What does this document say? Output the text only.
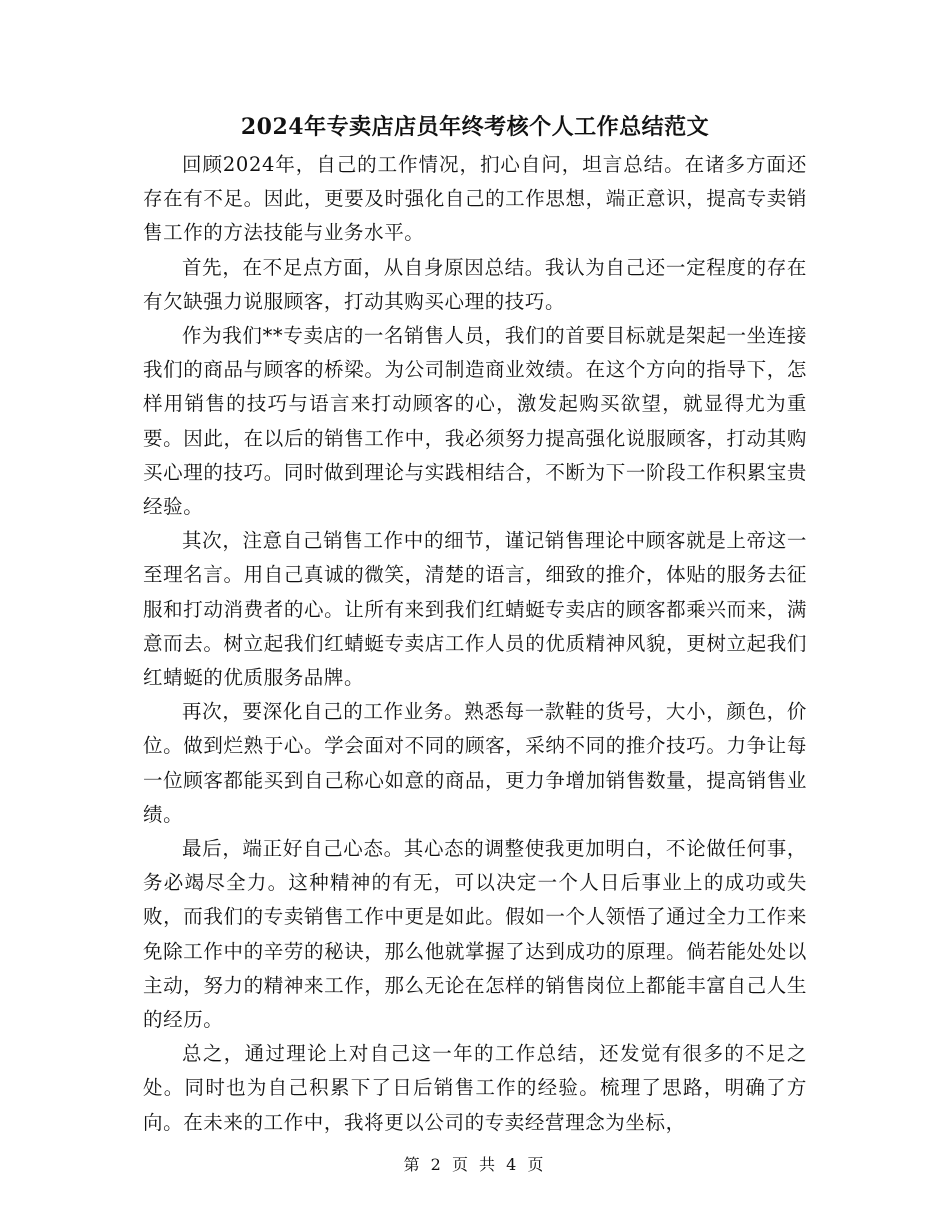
2024年专卖店店员年终考核个人工作总结范文

回顾2024年，自己的工作情况，扪心自问，坦言总结。在诸多方面还存在有不足。因此，更要及时强化自己的工作思想，端正意识，提高专卖销售工作的方法技能与业务水平。

首先，在不足点方面，从自身原因总结。我认为自己还一定程度的存在有欠缺强力说服顾客，打动其购买心理的技巧。

作为我们**专卖店的一名销售人员，我们的首要目标就是架起一坐连接我们的商品与顾客的桥梁。为公司制造商业效绩。在这个方向的指导下，怎样用销售的技巧与语言来打动顾客的心，激发起购买欲望，就显得尤为重要。因此，在以后的销售工作中，我必须努力提高强化说服顾客，打动其购买心理的技巧。同时做到理论与实践相结合，不断为下一阶段工作积累宝贵经验。

其次，注意自己销售工作中的细节，谨记销售理论中顾客就是上帝这一至理名言。用自己真诚的微笑，清楚的语言，细致的推介，体贴的服务去征服和打动消费者的心。让所有来到我们红蜻蜓专卖店的顾客都乘兴而来，满意而去。树立起我们红蜻蜓专卖店工作人员的优质精神风貌，更树立起我们红蜻蜓的优质服务品牌。

再次，要深化自己的工作业务。熟悉每一款鞋的货号，大小，颜色，价位。做到烂熟于心。学会面对不同的顾客，采纳不同的推介技巧。力争让每一位顾客都能买到自己称心如意的商品，更力争增加销售数量，提高销售业绩。

最后，端正好自己心态。其心态的调整使我更加明白，不论做任何事，务必竭尽全力。这种精神的有无，可以决定一个人日后事业上的成功或失败，而我们的专卖销售工作中更是如此。假如一个人领悟了通过全力工作来免除工作中的辛劳的秘诀，那么他就掌握了达到成功的原理。倘若能处处以主动，努力的精神来工作，那么无论在怎样的销售岗位上都能丰富自己人生的经历。

总之，通过理论上对自己这一年的工作总结，还发觉有很多的不足之处。同时也为自己积累下了日后销售工作的经验。梳理了思路，明确了方向。在未来的工作中，我将更以公司的专卖经营理念为坐标，

第 2 页 共 4 页
